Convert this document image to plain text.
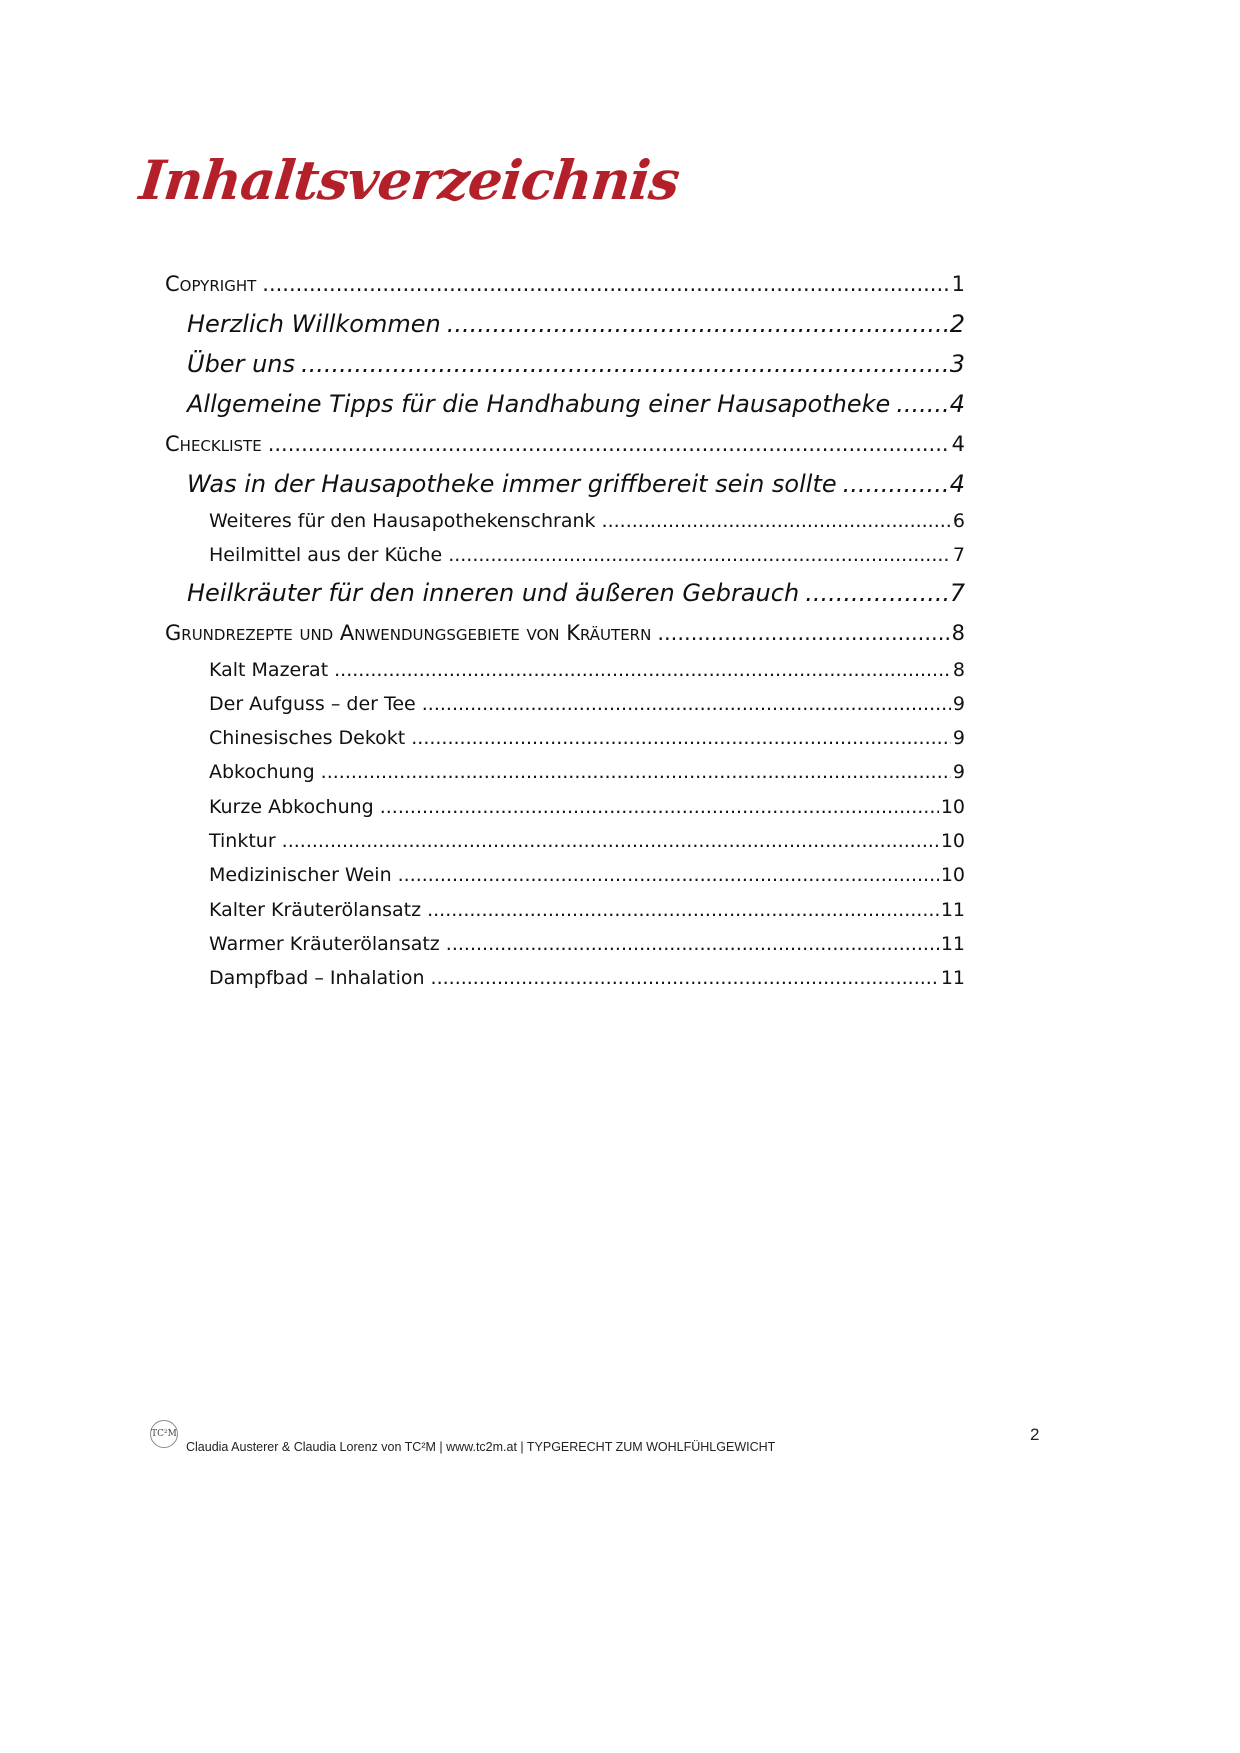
Inhaltsverzeichnis
Copyright .....	1
Herzlich Willkommen .....	2
Über uns .....	3
Allgemeine Tipps für die Handhabung einer Hausapotheke ..... 4
Checkliste .....	4
Was in der Hausapotheke immer griffbereit sein sollte .....	4
Weiteres für den Hausapothekenschrank .....	6
Heilmittel aus der Küche .....	7
Heilkräuter für den inneren und äußeren Gebrauch .....	7
Grundrezepte und Anwendungsgebiete von Kräutern .....	8
Kalt Mazerat .....	8
Der Aufguss – der Tee .....	9
Chinesisches Dekokt .....	9
Abkochung .....	9
Kurze Abkochung .....	10
Tinktur .....	10
Medizinischer Wein .....	10
Kalter Kräuterölansatz .....	11
Warmer Kräuterölansatz .....	11
Dampfbad – Inhalation .....	11
TC²M
Claudia Austerer & Claudia Lorenz von TC²M | www.tc2m.at | TYPGERECHT ZUM WOHLFÜHLGEWICHT
2
